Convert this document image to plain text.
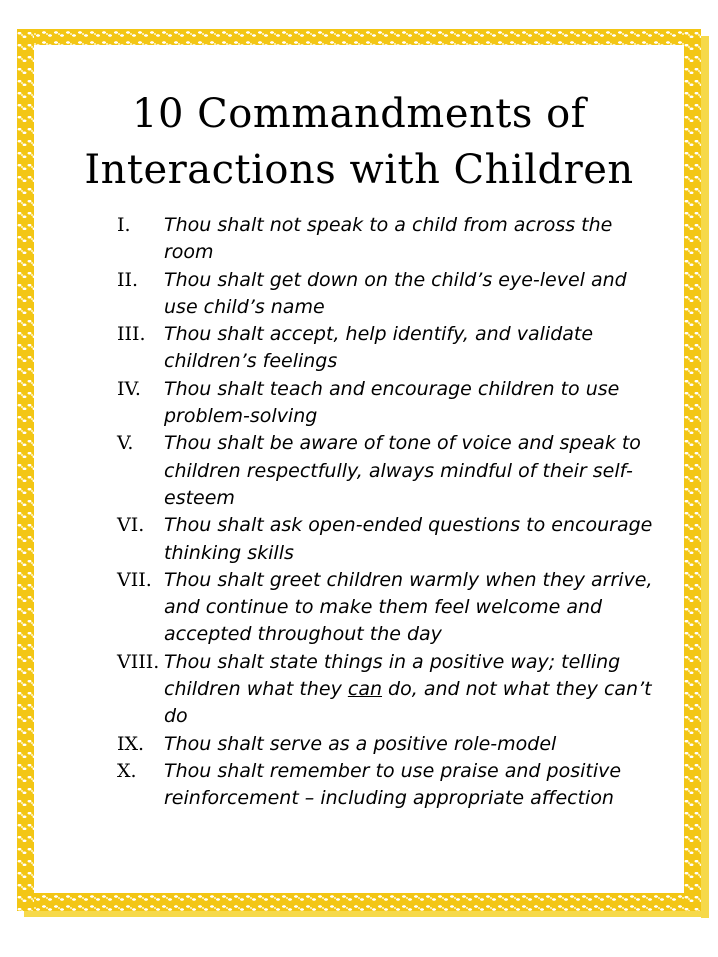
10 Commandments of
Interactions with Children
I.	Thou shalt not speak to a child from across the room
II.	Thou shalt get down on the child’s eye-level and use child’s name
III. Thou shalt accept, help identify, and validate children’s feelings
IV.	Thou shalt teach and encourage children to use problem-solving
V.	Thou shalt be aware of tone of voice and speak to children respectfully, always mindful of their self-esteem
VI.	Thou shalt ask open-ended questions to encourage thinking skills
VII. Thou shalt greet children warmly when they arrive, and continue to make them feel welcome and accepted throughout the day
VIII. Thou shalt state things in a positive way; telling children what they can do, and not what they can’t do
IX.	Thou shalt serve as a positive role-model
X.	Thou shalt remember to use praise and positive reinforcement – including appropriate affection
